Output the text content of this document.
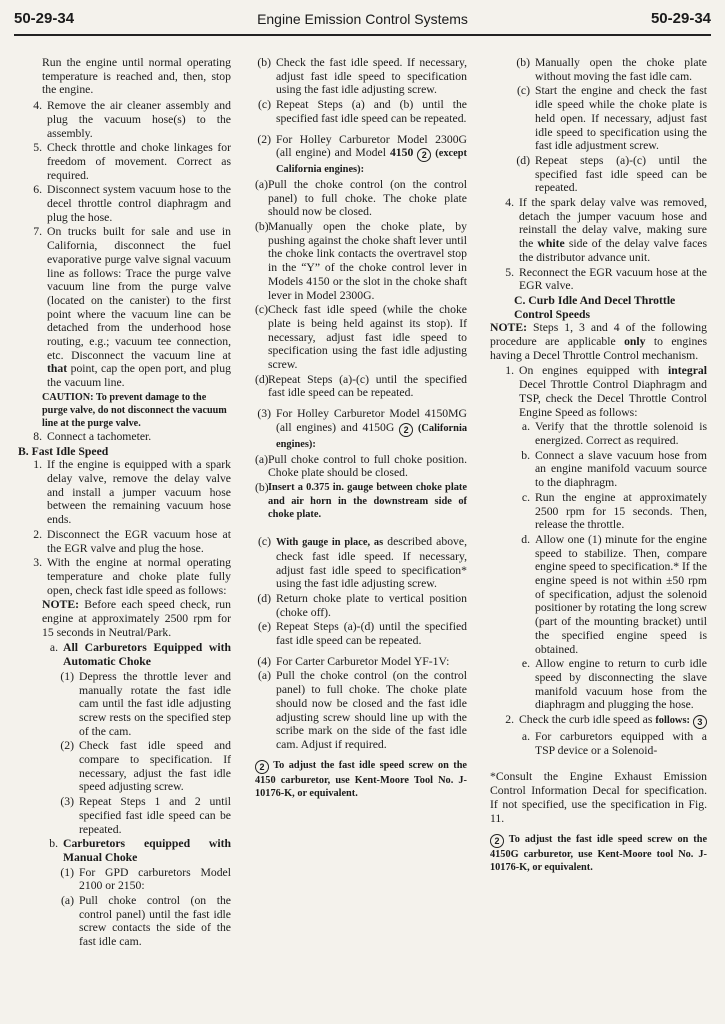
50-29-34	Engine Emission Control Systems	50-29-34
Run the engine until normal operating temperature is reached and, then, stop the engine.
4. Remove the air cleaner assembly and plug the vacuum hose(s) to the assembly.
5. Check throttle and choke linkages for freedom of movement. Correct as required.
6. Disconnect system vacuum hose to the decel throttle control diaphragm and plug the hose.
7. On trucks built for sale and use in California, disconnect the fuel evaporative purge valve signal vacuum line as follows: Trace the purge valve vacuum line from the purge valve (located on the canister) to the first point where the vacuum line can be detached from the underhood hose routing, e.g.; vacuum tee connection, etc. Disconnect the vacuum line at that point, cap the open port, and plug the vacuum line.
CAUTION: To prevent damage to the purge valve, do not disconnect the vacuum line at the purge valve.
8. Connect a tachometer.
B. Fast Idle Speed
1. If the engine is equipped with a spark delay valve, remove the delay valve and install a jumper vacuum hose between the remaining vacuum hose ends.
2. Disconnect the EGR vacuum hose at the EGR valve and plug the hose.
3. With the engine at normal operating temperature and choke plate fully open, check fast idle speed as follows:
NOTE: Before each speed check, run engine at approximately 2500 rpm for 15 seconds in Neutral/Park.
a. All Carburetors Equipped with Automatic Choke
(1) Depress the throttle lever and manually rotate the fast idle cam until the fast idle adjusting screw rests on the specified step of the cam.
(2) Check fast idle speed and compare to specification. If necessary, adjust the fast idle speed adjusting screw.
(3) Repeat Steps 1 and 2 until specified fast idle speed can be repeated.
b. Carburetors equipped with Manual Choke
(1) For GPD carburetors Model 2100 or 2150:
(a) Pull choke control (on the control panel) until the fast idle screw contacts the side of the fast idle cam.
(b) Check the fast idle speed. If necessary, adjust fast idle speed to specification using the fast idle adjusting screw.
(c) Repeat Steps (a) and (b) until the specified fast idle speed can be repeated.
(2) For Holley Carburetor Model 2300G (all engine) and Model 4150 2 (except California engines):
(a) Pull the choke control (on the control panel) to full choke. The choke plate should now be closed.
(b) Manually open the choke plate, by pushing against the choke shaft lever until the choke link contacts the overtravel stop in the “Y” of the choke control lever in Models 4150 or the slot in the choke shaft lever in Model 2300G.
(c) Check fast idle speed (while the choke plate is being held against its stop). If necessary, adjust fast idle speed to specification using the fast idle adjusting screw.
(d) Repeat Steps (a)-(c) until the specified fast idle speed can be repeated.
(3) For Holley Carburetor Model 4150MG (all engines) and 4150G 2 (California engines):
(a) Pull choke control to full choke position. Choke plate should be closed.
(b) Insert a 0.375 in. gauge between choke plate and air horn in the downstream side of choke plate.
(c) With gauge in place, as described above, check fast idle speed. If necessary, adjust fast idle speed to specification* using the fast idle adjusting screw.
(d) Return choke plate to vertical position (choke off).
(e) Repeat Steps (a)-(d) until the specified fast idle speed can be repeated.
(4) For Carter Carburetor Model YF-1V:
(a) Pull the choke control (on the control panel) to full choke. The choke plate should now be closed and the fast idle adjusting screw should line up with the scribe mark on the side of the fast idle cam. Adjust if required.
2 To adjust the fast idle speed screw on the 4150 carburetor, use Kent-Moore Tool No. J-10176-K, or equivalent.
(b) Manually open the choke plate without moving the fast idle cam.
(c) Start the engine and check the fast idle speed while the choke plate is held open. If necessary, adjust fast idle speed to specification using the fast idle adjustment screw.
(d) Repeat steps (a)-(c) until the specified fast idle speed can be repeated.
4. If the spark delay valve was removed, detach the jumper vacuum hose and reinstall the delay valve, making sure the white side of the delay valve faces the distributor advance unit.
5. Reconnect the EGR vacuum hose at the EGR valve.
C. Curb Idle And Decel Throttle Control Speeds
NOTE: Steps 1, 3 and 4 of the following procedure are applicable only to engines having a Decel Throttle Control mechanism.
1. On engines equipped with integral Decel Throttle Control Diaphragm and TSP, check the Decel Throttle Control Engine Speed as follows:
a. Verify that the throttle solenoid is energized. Correct as required.
b. Connect a slave vacuum hose from an engine manifold vacuum source to the diaphragm.
c. Run the engine at approximately 2500 rpm for 15 seconds. Then, release the throttle.
d. Allow one (1) minute for the engine speed to stabilize. Then, compare engine speed to specification.* If the engine speed is not within ±50 rpm of specification, adjust the solenoid positioner by rotating the long screw (part of the mounting bracket) until the specified engine speed is obtained.
e. Allow engine to return to curb idle speed by disconnecting the slave manifold vacuum hose from the diaphragm and plugging the hose.
2. Check the curb idle speed as follows: 3
a. For carburetors equipped with a TSP device or a Solenoid-
*Consult the Engine Exhaust Emission Control Information Decal for specification. If not specified, use the specification in Fig. 11.
2 To adjust the fast idle speed screw on the 4150G carburetor, use Kent-Moore tool No. J-10176-K, or equivalent.
